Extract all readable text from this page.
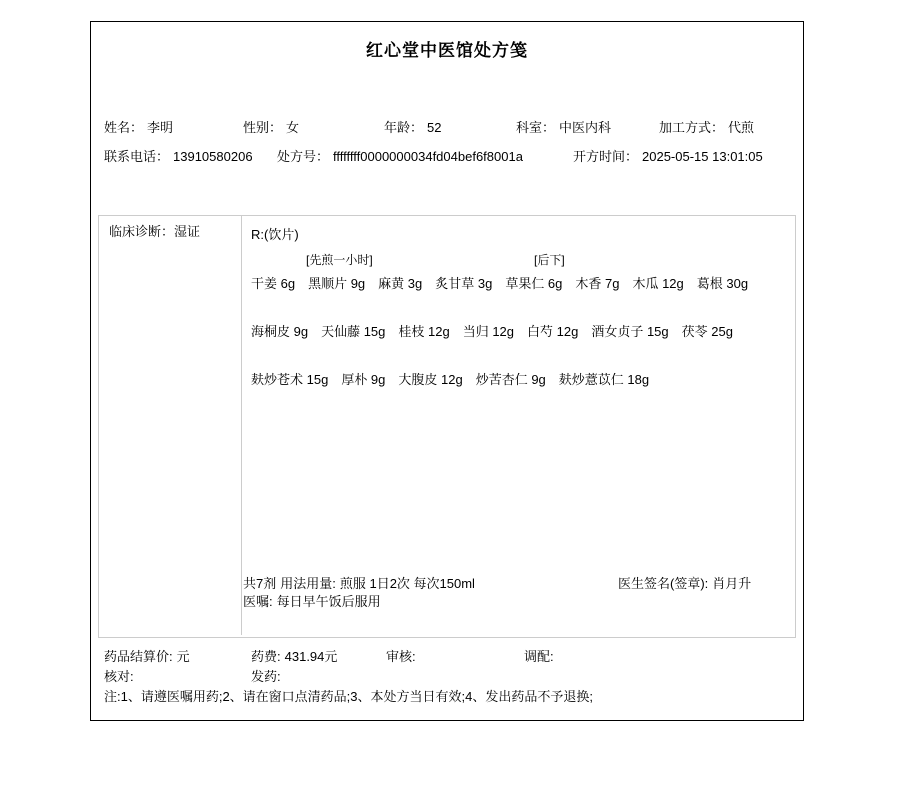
红心堂中医馆处方笺
姓名： 李明	性别： 女	年龄： 52	科室： 中医内科	加工方式： 代煎
联系电话： 13910580206 处方号： ffffffff0000000034fd04bef6f8001a	开方时间： 2025-05-15 13:01:05
临床诊断：湿证	R:(饮片)
[先煎一小时]	[后下]
干姜 6g 黑顺片 9g 麻黄 3g 炙甘草 3g 草果仁 6g 木香 7g 木瓜 12g 葛根 30g
海桐皮 9g 天仙藤 15g 桂枝 12g 当归 12g 白芍 12g 酒女贞子 15g 茯苓 25g
麸炒苍术 15g 厚朴 9g 大腹皮 12g 炒苦杏仁 9g 麸炒薏苡仁 18g
共7剂 用法用量: 煎服 1日2次 每次150ml	医生签名(签章): 肖月升
医嘱: 每日早午饭后服用
药品结算价: 元	药费: 431.94元	审核:	调配:
核对:	发药:
注:1、请遵医嘱用药;2、请在窗口点清药品;3、本处方当日有效;4、发出药品不予退换;
